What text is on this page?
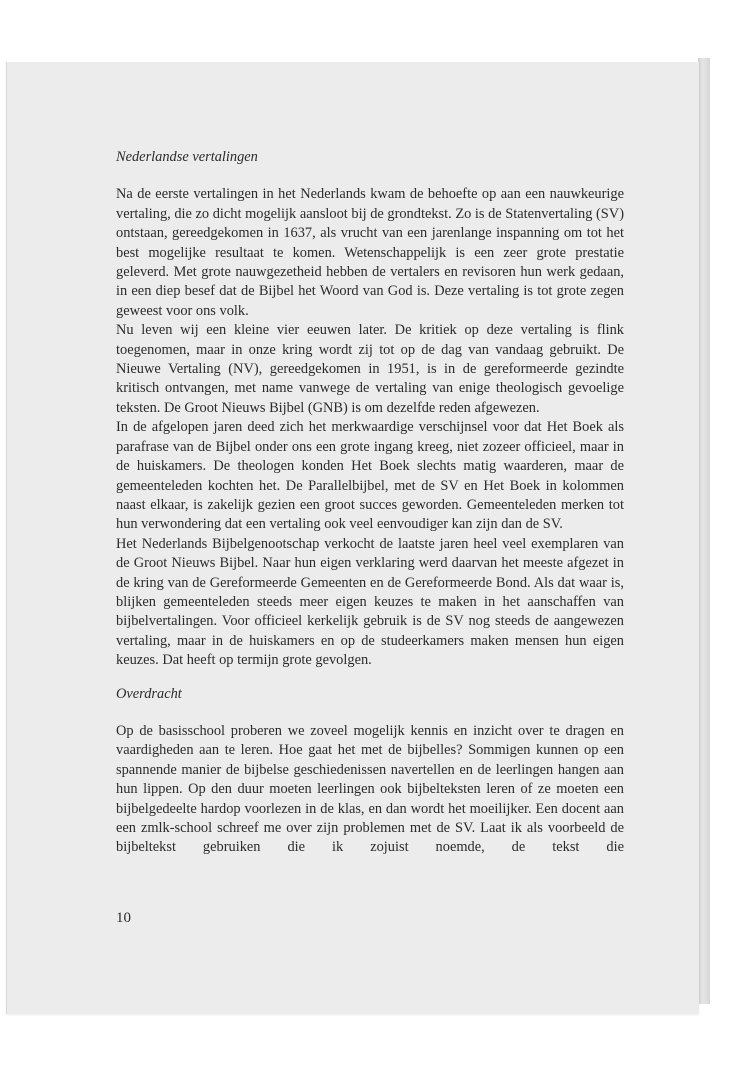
Nederlandse vertalingen

Na de eerste vertalingen in het Nederlands kwam de behoefte op aan een nauwkeurige vertaling, die zo dicht mogelijk aansloot bij de grondtekst. Zo is de Statenvertaling (SV) ontstaan, gereedgekomen in 1637, als vrucht van een jarenlange inspanning om tot het best mogelijke resultaat te komen. Wetenschappelijk is een zeer grote prestatie geleverd. Met grote nauwgezetheid hebben de vertalers en revisoren hun werk gedaan, in een diep besef dat de Bijbel het Woord van God is. Deze vertaling is tot grote zegen geweest voor ons volk.

Nu leven wij een kleine vier eeuwen later. De kritiek op deze vertaling is flink toegenomen, maar in onze kring wordt zij tot op de dag van vandaag gebruikt. De Nieuwe Vertaling (NV), gereedgekomen in 1951, is in de gereformeerde gezindte kritisch ontvangen, met name vanwege de vertaling van enige theologisch gevoelige teksten. De Groot Nieuws Bijbel (GNB) is om dezelfde reden afgewezen.

In de afgelopen jaren deed zich het merkwaardige verschijnsel voor dat Het Boek als parafrase van de Bijbel onder ons een grote ingang kreeg, niet zozeer officieel, maar in de huiskamers. De theologen konden Het Boek slechts matig waarderen, maar de gemeenteleden kochten het. De Parallelbijbel, met de SV en Het Boek in kolommen naast elkaar, is zakelijk gezien een groot succes geworden. Gemeenteleden merken tot hun verwondering dat een vertaling ook veel eenvoudiger kan zijn dan de SV.

Het Nederlands Bijbelgenootschap verkocht de laatste jaren heel veel exemplaren van de Groot Nieuws Bijbel. Naar hun eigen verklaring werd daarvan het meeste afgezet in de kring van de Gereformeerde Gemeenten en de Gereformeerde Bond. Als dat waar is, blijken gemeenteleden steeds meer eigen keuzes te maken in het aanschaffen van bijbelvertalingen. Voor officieel kerkelijk gebruik is de SV nog steeds de aangewezen vertaling, maar in de huiskamers en op de studeerkamers maken mensen hun eigen keuzes. Dat heeft op termijn grote gevolgen.

Overdracht

Op de basisschool proberen we zoveel mogelijk kennis en inzicht over te dragen en vaardigheden aan te leren. Hoe gaat het met de bijbelles? Sommigen kunnen op een spannende manier de bijbelse geschiedenissen navertellen en de leerlingen hangen aan hun lippen. Op den duur moeten leerlingen ook bijbelteksten leren of ze moeten een bijbelgedeelte hardop voorlezen in de klas, en dan wordt het moeilijker. Een docent aan een zmlk-school schreef me over zijn problemen met de SV. Laat ik als voorbeeld de bijbeltekst gebruiken die ik zojuist noemde, de tekst die

10
